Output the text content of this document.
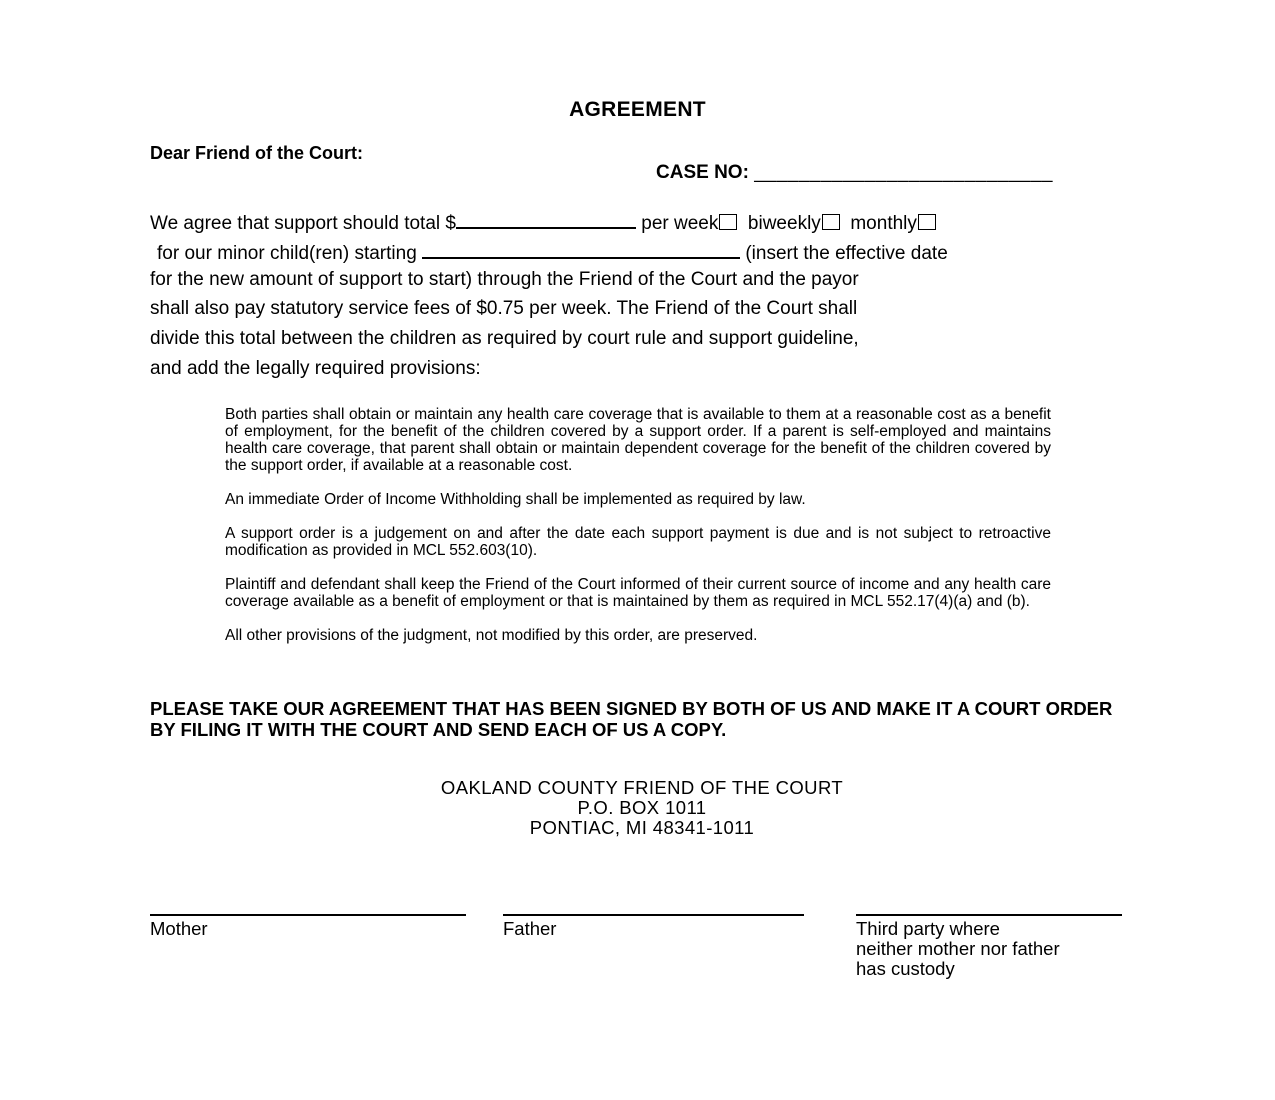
AGREEMENT
Dear Friend of the Court:
CASE NO: ___________________________
We agree that support should total $	per week biweekly monthly
for our minor child(ren) starting	(insert the effective date
for the new amount of support to start) through the Friend of the Court and the payor
shall also pay statutory service fees of $0.75 per week. The Friend of the Court shall
divide this total between the children as required by court rule and support guideline,
and add the legally required provisions:

Both parties shall obtain or maintain any health care coverage that is available to them at a reasonable cost as a benefit of employment, for the benefit of the children covered by a support order. If a parent is self-employed and maintains health care coverage, that parent shall obtain or maintain dependent coverage for the benefit of the children covered by the support order, if available at a reasonable cost.

An immediate Order of Income Withholding shall be implemented as required by law.

A support order is a judgement on and after the date each support payment is due and is not subject to retroactive modification as provided in MCL 552.603(10).

Plaintiff and defendant shall keep the Friend of the Court informed of their current source of income and any health care coverage available as a benefit of employment or that is maintained by them as required in MCL 552.17(4)(a) and (b).

All other provisions of the judgment, not modified by this order, are preserved.

PLEASE TAKE OUR AGREEMENT THAT HAS BEEN SIGNED BY BOTH OF US AND MAKE IT A COURT ORDER BY FILING IT WITH THE COURT AND SEND EACH OF US A COPY.
OAKLAND COUNTY FRIEND OF THE COURT
P.O. BOX 1011
PONTIAC, MI 48341-1011
Mother	Father	Third party where
neither mother nor father
has custody
